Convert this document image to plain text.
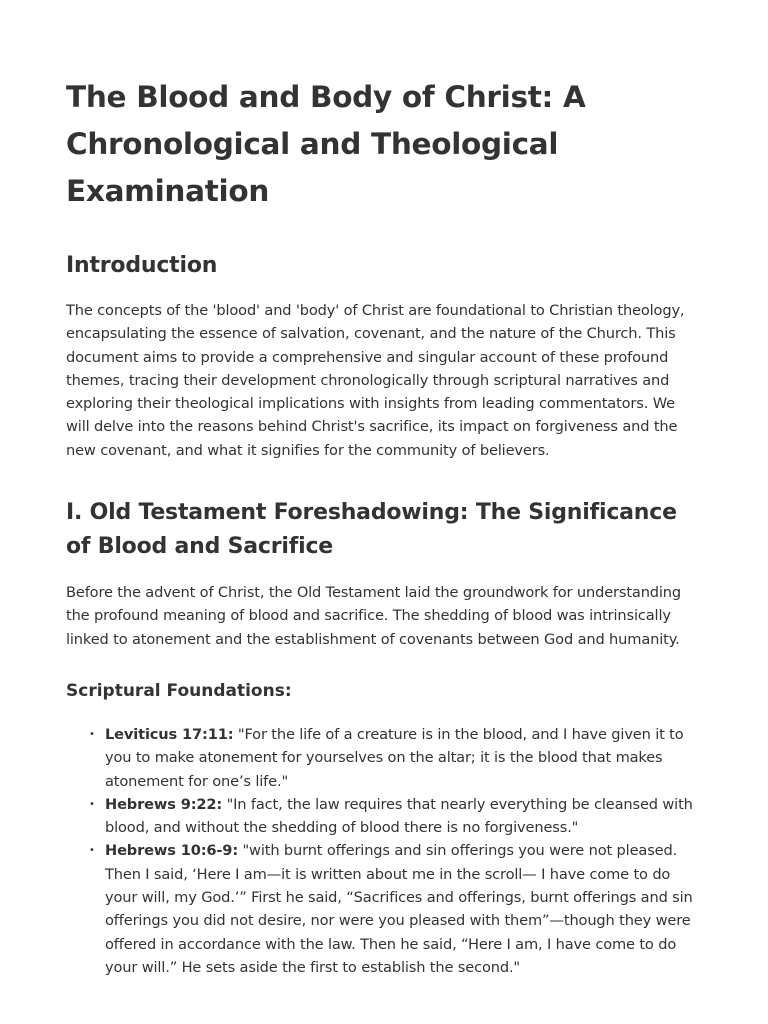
The Blood and Body of Christ: A Chronological and Theological Examination
Introduction

The concepts of the 'blood' and 'body' of Christ are foundational to Christian theology, encapsulating the essence of salvation, covenant, and the nature of the Church. This document aims to provide a comprehensive and singular account of these profound themes, tracing their development chronologically through scriptural narratives and exploring their theological implications with insights from leading commentators. We will delve into the reasons behind Christ's sacrifice, its impact on forgiveness and the new covenant, and what it signifies for the community of believers.

I. Old Testament Foreshadowing: The Significance of Blood and Sacrifice

Before the advent of Christ, the Old Testament laid the groundwork for understanding the profound meaning of blood and sacrifice. The shedding of blood was intrinsically linked to atonement and the establishment of covenants between God and humanity.

Scriptural Foundations:
• Leviticus 17:11: "For the life of a creature is in the blood, and I have given it to you to make atonement for yourselves on the altar; it is the blood that makes atonement for one’s life."
• Hebrews 9:22: "In fact, the law requires that nearly everything be cleansed with blood, and without the shedding of blood there is no forgiveness."
• Hebrews 10:6-9: "with burnt offerings and sin offerings you were not pleased. Then I said, ‘Here I am—it is written about me in the scroll— I have come to do your will, my God.’” First he said, “Sacrifices and offerings, burnt offerings and sin offerings you did not desire, nor were you pleased with them”—though they were offered in accordance with the law. Then he said, “Here I am, I have come to do your will.” He sets aside the first to establish the second."
